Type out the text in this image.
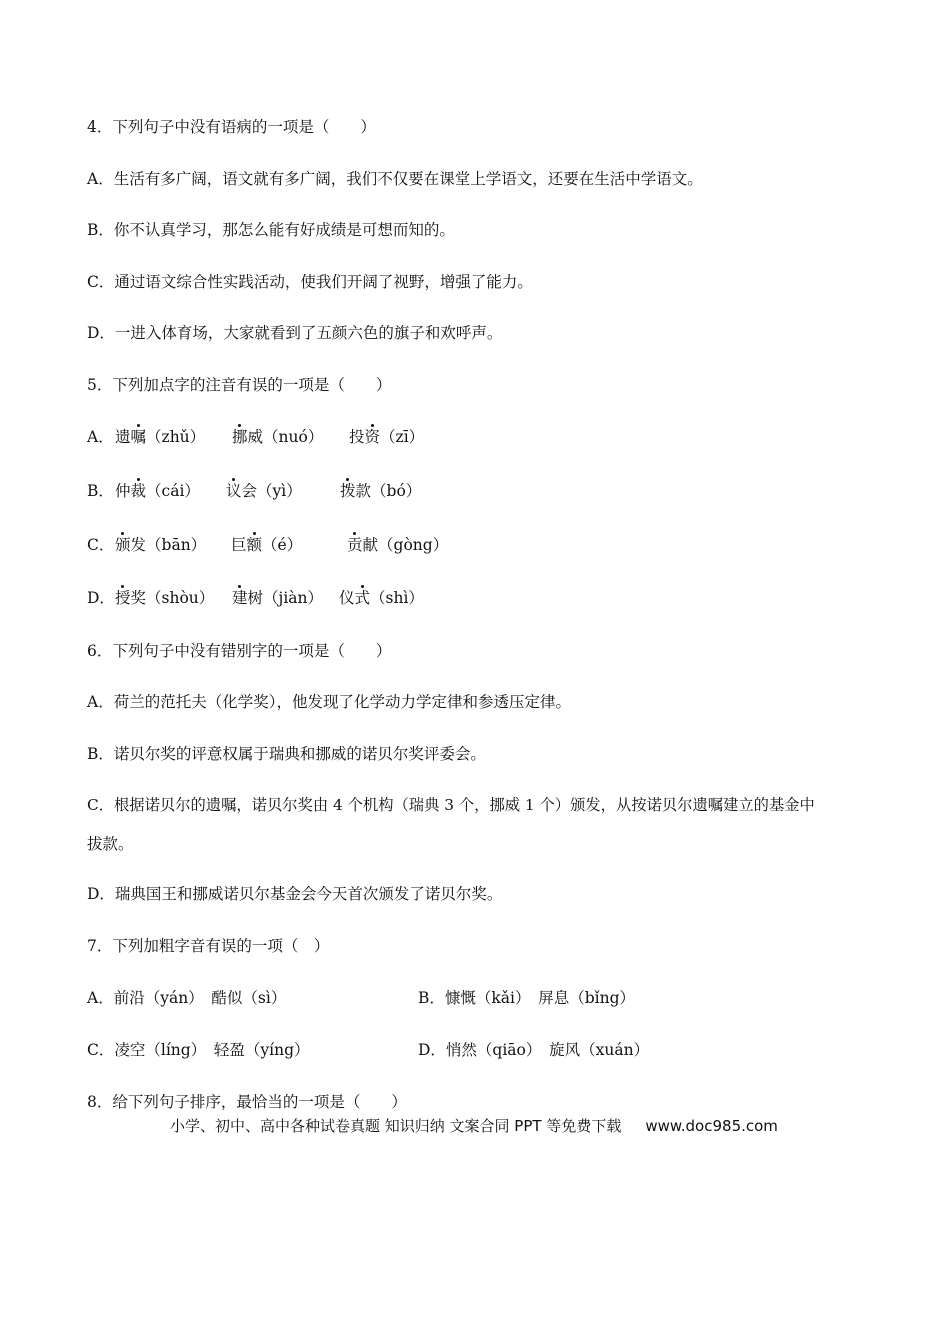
4．下列句子中没有语病的一项是（　　）
A．生活有多广阔，语文就有多广阔，我们不仅要在课堂上学语文，还要在生活中学语文。
B．你不认真学习，那怎么能有好成绩是可想而知的。
C．通过语文综合性实践活动，使我们开阔了视野，增强了能力。
D．一进入体育场，大家就看到了五颜六色的旗子和欢呼声。
5．下列加点字的注音有误的一项是（　　）
A． 遗嘱（zhǔ） 挪威（nuó） 投资（zī）
B． 仲裁（cái） 议会（yì） 拨款（bó）
C． 颁发（bān） 巨额（é）	贡献（gòng）
D． 授奖（shòu） 建树（jiàn） 仪式（shì）
6．下列句子中没有错别字的一项是（　　）
A．荷兰的范托夫（化学奖），他发现了化学动力学定律和参透压定律。
B．诺贝尔奖的评意权属于瑞典和挪威的诺贝尔奖评委会。
C．根据诺贝尔的遗嘱，诺贝尔奖由 4 个机构（瑞典 3 个，挪威 1 个）颁发，从按诺贝尔遗嘱建立的基金中
拔款。
D．瑞典国王和挪威诺贝尔基金会今天首次颁发了诺贝尔奖。
7．下列加粗字音有误的一项（　）
A．前沿（yán）　酷似（sì）	B．慷慨（kǎi）　屏息（bǐng）
C．凌空（líng）　轻盈（yíng）	D．悄然（qiāo）　旋风（xuán）
8．给下列句子排序，最恰当的一项是（　　）
小学、初中、高中各种试卷真题 知识归纳 文案合同 PPT 等免费下载 www.doc985.com
